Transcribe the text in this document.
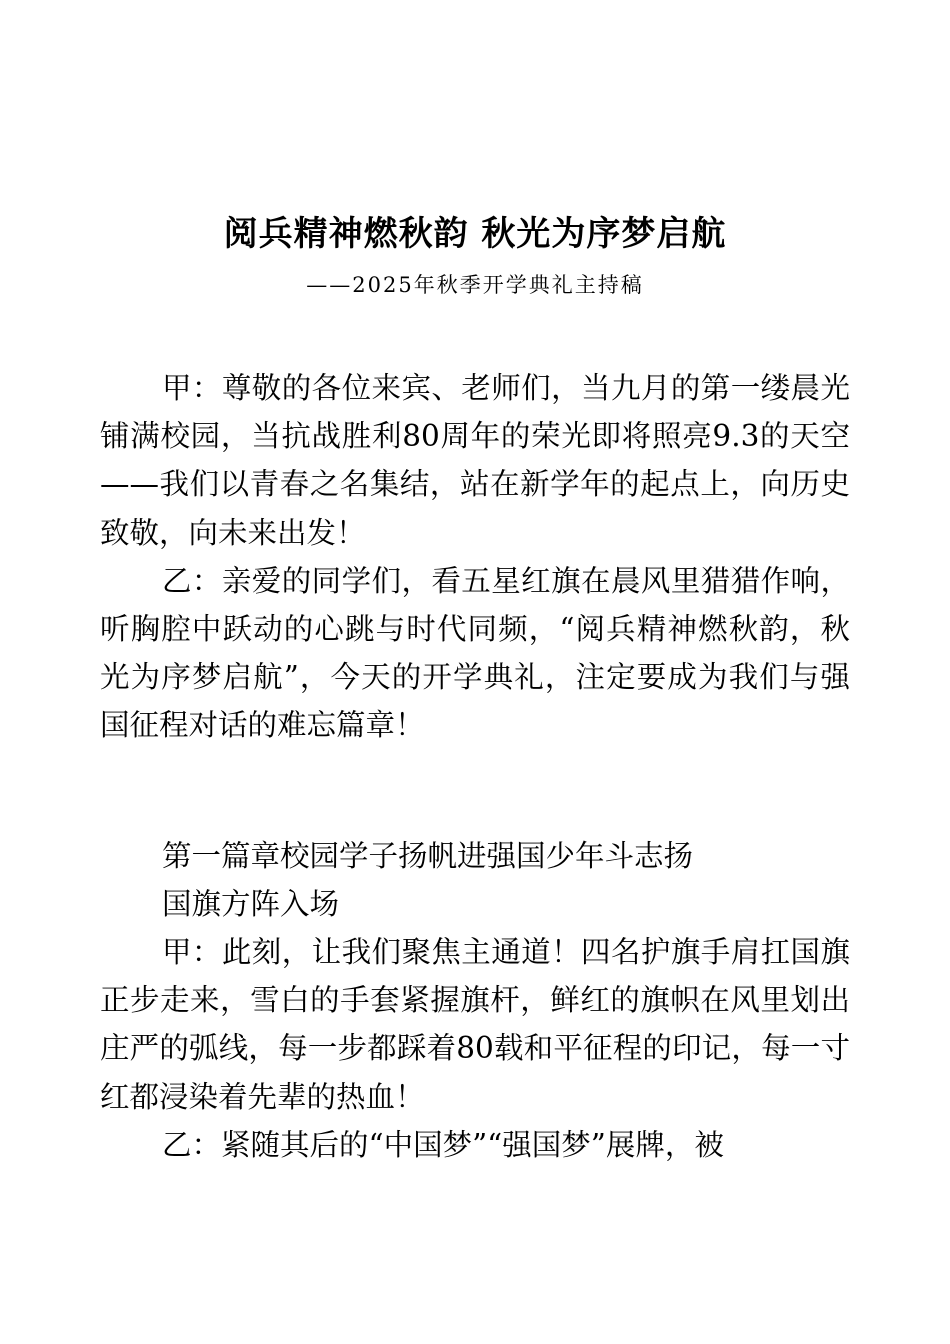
阅兵精神燃秋韵 秋光为序梦启航
——2025年秋季开学典礼主持稿

甲：尊敬的各位来宾、老师们，当九月的第一缕晨光铺满校园，当抗战胜利80周年的荣光即将照亮9.3的天空——我们以青春之名集结，站在新学年的起点上，向历史致敬，向未来出发！

乙：亲爱的同学们，看五星红旗在晨风里猎猎作响，听胸腔中跃动的心跳与时代同频，“阅兵精神燃秋韵，秋光为序梦启航”，今天的开学典礼，注定要成为我们与强国征程对话的难忘篇章！

第一篇章校园学子扬帆进强国少年斗志扬

国旗方阵入场

甲：此刻，让我们聚焦主通道！四名护旗手肩扛国旗正步走来，雪白的手套紧握旗杆，鲜红的旗帜在风里划出庄严的弧线，每一步都踩着80载和平征程的印记，每一寸红都浸染着先辈的热血！

乙：紧随其后的“中国梦”“强国梦”展牌，被
